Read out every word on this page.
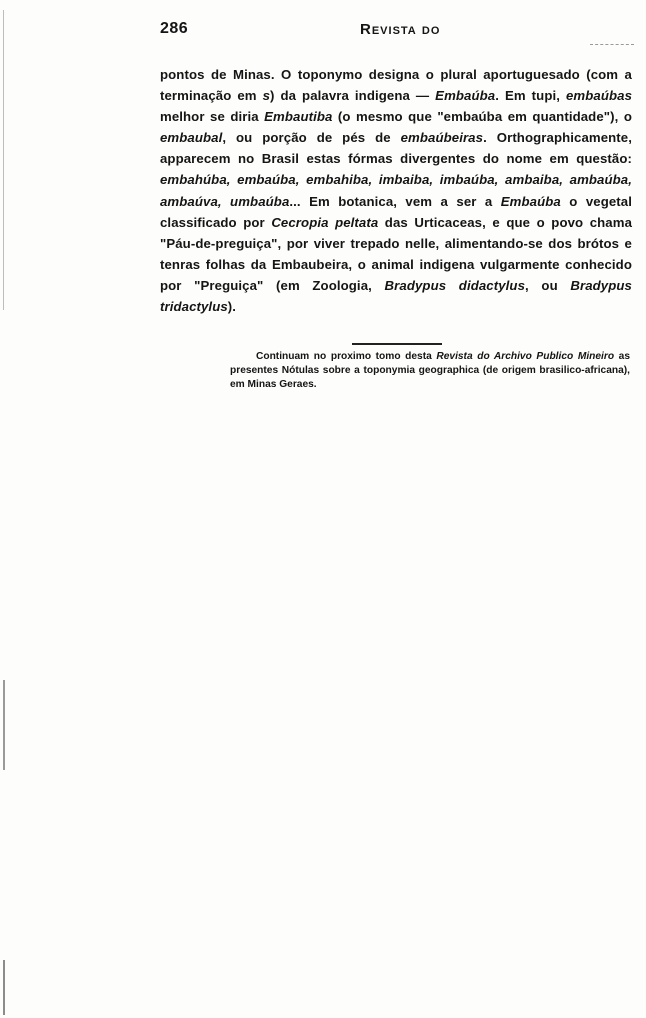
286	Revista do

pontos de Minas. O toponymo designa o plural aportuguesado (com a terminação em s) da palavra indigena — Embaúba. Em tupi, embaúbas melhor se diria Embautiba (o mesmo que "embaúba em quantidade"), o embaubal, ou porção de pés de embaúbeiras. Orthographicamente, apparecem no Brasil estas fórmas divergentes do nome em questão: embahúba, embaúba, embahiba, imbaiba, imbaúba, ambaiba, ambaúba, ambaúva, umbaúba... Em botanica, vem a ser a Embaúba o vegetal classificado por Cecropia peltata das Urticaceas, e que o povo chama "Páu-de-preguiça", por viver trepado nelle, alimentando-se dos brótos e tenras folhas da Embaubeira, o animal indigena vulgarmente conhecido por "Preguiça" (em Zoologia, Bradypus didactylus, ou Bradypus tridactylus).

Continuam no proximo tomo desta Revista do Archivo Publico Mineiro as presentes Nótulas sobre a toponymia geographica (de origem brasilico-africana), em Minas Geraes.
